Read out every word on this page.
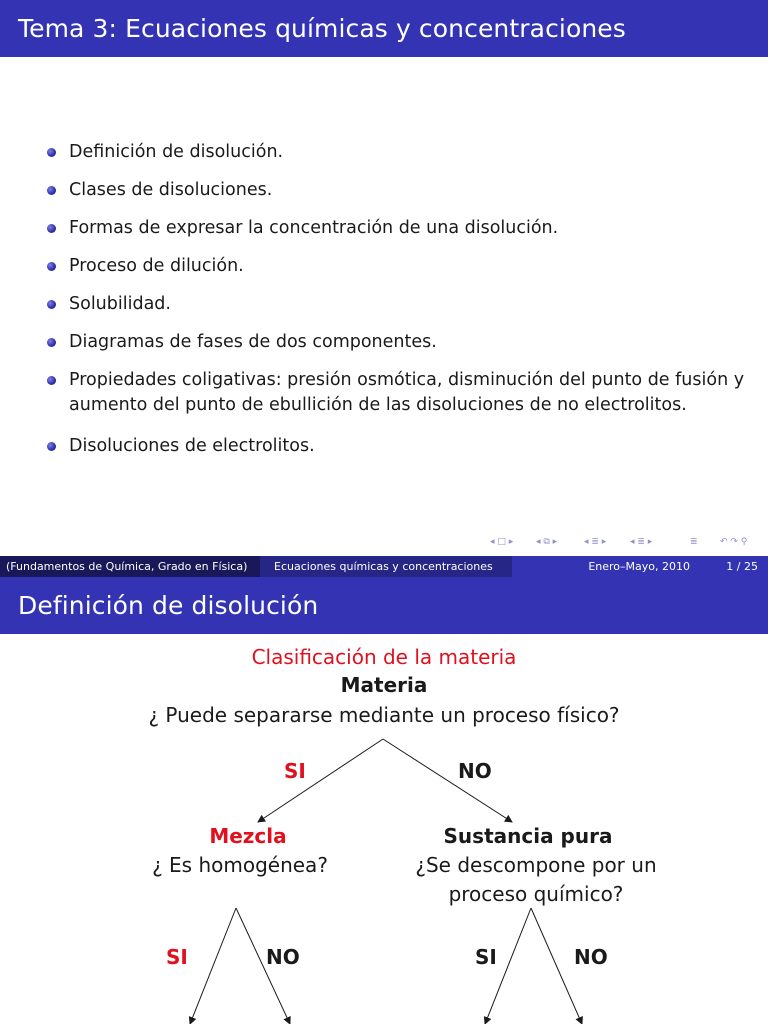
Tema 3: Ecuaciones químicas y concentraciones
Definición de disolución.
Clases de disoluciones.
Formas de expresar la concentración de una disolución.
Proceso de dilución.
Solubilidad.
Diagramas de fases de dos componentes.
Propiedades coligativas: presión osmótica, disminución del punto de fusión y aumento del punto de ebullición de las disoluciones de no electrolitos.
Disoluciones de electrolitos.
◂ □ ▸	◂ ⧉ ▸	◂ ≣ ▸	◂ ≣ ▸	≣ ↶ ↷ ⚲
(Fundamentos de Química, Grado en Física)	Ecuaciones químicas y concentraciones	Enero–Mayo, 2010	1 / 25
Definición de disolución
Clasificación de la materia
Materia
¿ Puede separarse mediante un proceso físico?
SI	NO
Mezcla
¿ Es homogénea?
Sustancia pura
¿Se descompone por un
proceso químico?
SI	NO	SI	NO
